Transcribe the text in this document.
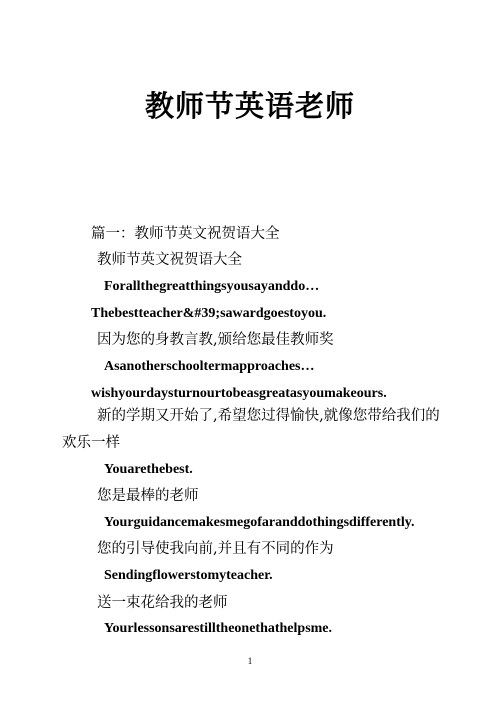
教师节英语老师

篇一：教师节英文祝贺语大全

教师节英文祝贺语大全

Forallthegreatthingsyousayanddo…

Thebestteacher&#39;sawardgoestoyou.

因为您的身教言教,颁给您最佳教师奖

Asanotherschooltermapproaches…

wishyourdaysturnourtobeasgreatasyoumakeours.

新的学期又开始了,希望您过得愉快,就像您带给我们的

欢乐一样

Youarethebest.

您是最棒的老师

Yourguidancemakesmegofaranddothingsdifferently.

您的引导使我向前,并且有不同的作为

Sendingflowerstomyteacher.

送一束花给我的老师

Yourlessonsarestilltheonethathelpsme.

1
